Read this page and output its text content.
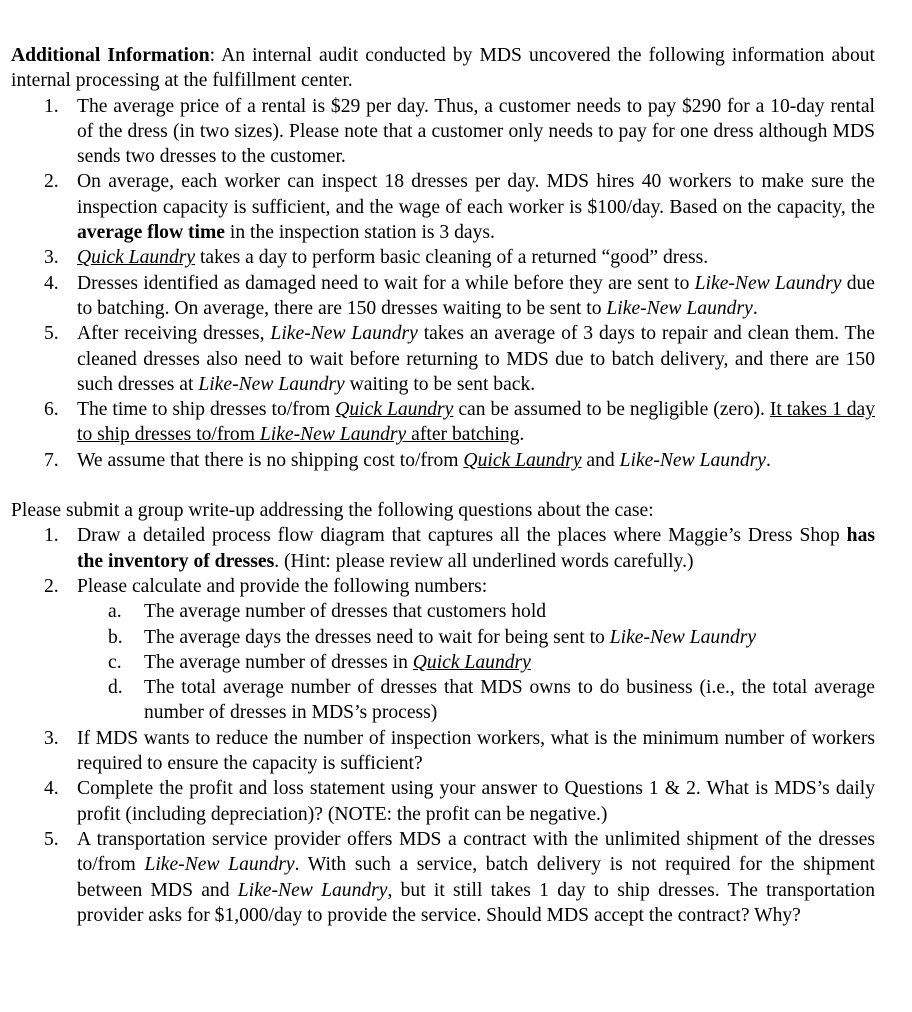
Additional Information: An internal audit conducted by MDS uncovered the following information about internal processing at the fulfillment center.

1. The average price of a rental is $29 per day. Thus, a customer needs to pay $290 for a 10-day rental of the dress (in two sizes). Please note that a customer only needs to pay for one dress although MDS sends two dresses to the customer.
2. On average, each worker can inspect 18 dresses per day. MDS hires 40 workers to make sure the inspection capacity is sufficient, and the wage of each worker is $100/day. Based on the capacity, the average flow time in the inspection station is 3 days.
3. Quick Laundry takes a day to perform basic cleaning of a returned “good” dress.
4. Dresses identified as damaged need to wait for a while before they are sent to Like-New Laundry due to batching. On average, there are 150 dresses waiting to be sent to Like-New Laundry.
5. After receiving dresses, Like-New Laundry takes an average of 3 days to repair and clean them. The cleaned dresses also need to wait before returning to MDS due to batch delivery, and there are 150 such dresses at Like-New Laundry waiting to be sent back.
6. The time to ship dresses to/from Quick Laundry can be assumed to be negligible (zero). It takes 1 day to ship dresses to/from Like-New Laundry after batching.
7. We assume that there is no shipping cost to/from Quick Laundry and Like-New Laundry.

Please submit a group write-up addressing the following questions about the case:

1. Draw a detailed process flow diagram that captures all the places where Maggie’s Dress Shop has the inventory of dresses. (Hint: please review all underlined words carefully.)
2. Please calculate and provide the following numbers:
a. The average number of dresses that customers hold
b. The average days the dresses need to wait for being sent to Like-New Laundry
c. The average number of dresses in Quick Laundry
d. The total average number of dresses that MDS owns to do business (i.e., the total average number of dresses in MDS’s process)
3. If MDS wants to reduce the number of inspection workers, what is the minimum number of workers required to ensure the capacity is sufficient?
4. Complete the profit and loss statement using your answer to Questions 1 & 2. What is MDS’s daily profit (including depreciation)? (NOTE: the profit can be negative.)
5. A transportation service provider offers MDS a contract with the unlimited shipment of the dresses to/from Like-New Laundry. With such a service, batch delivery is not required for the shipment between MDS and Like-New Laundry, but it still takes 1 day to ship dresses. The transportation provider asks for $1,000/day to provide the service. Should MDS accept the contract? Why?
